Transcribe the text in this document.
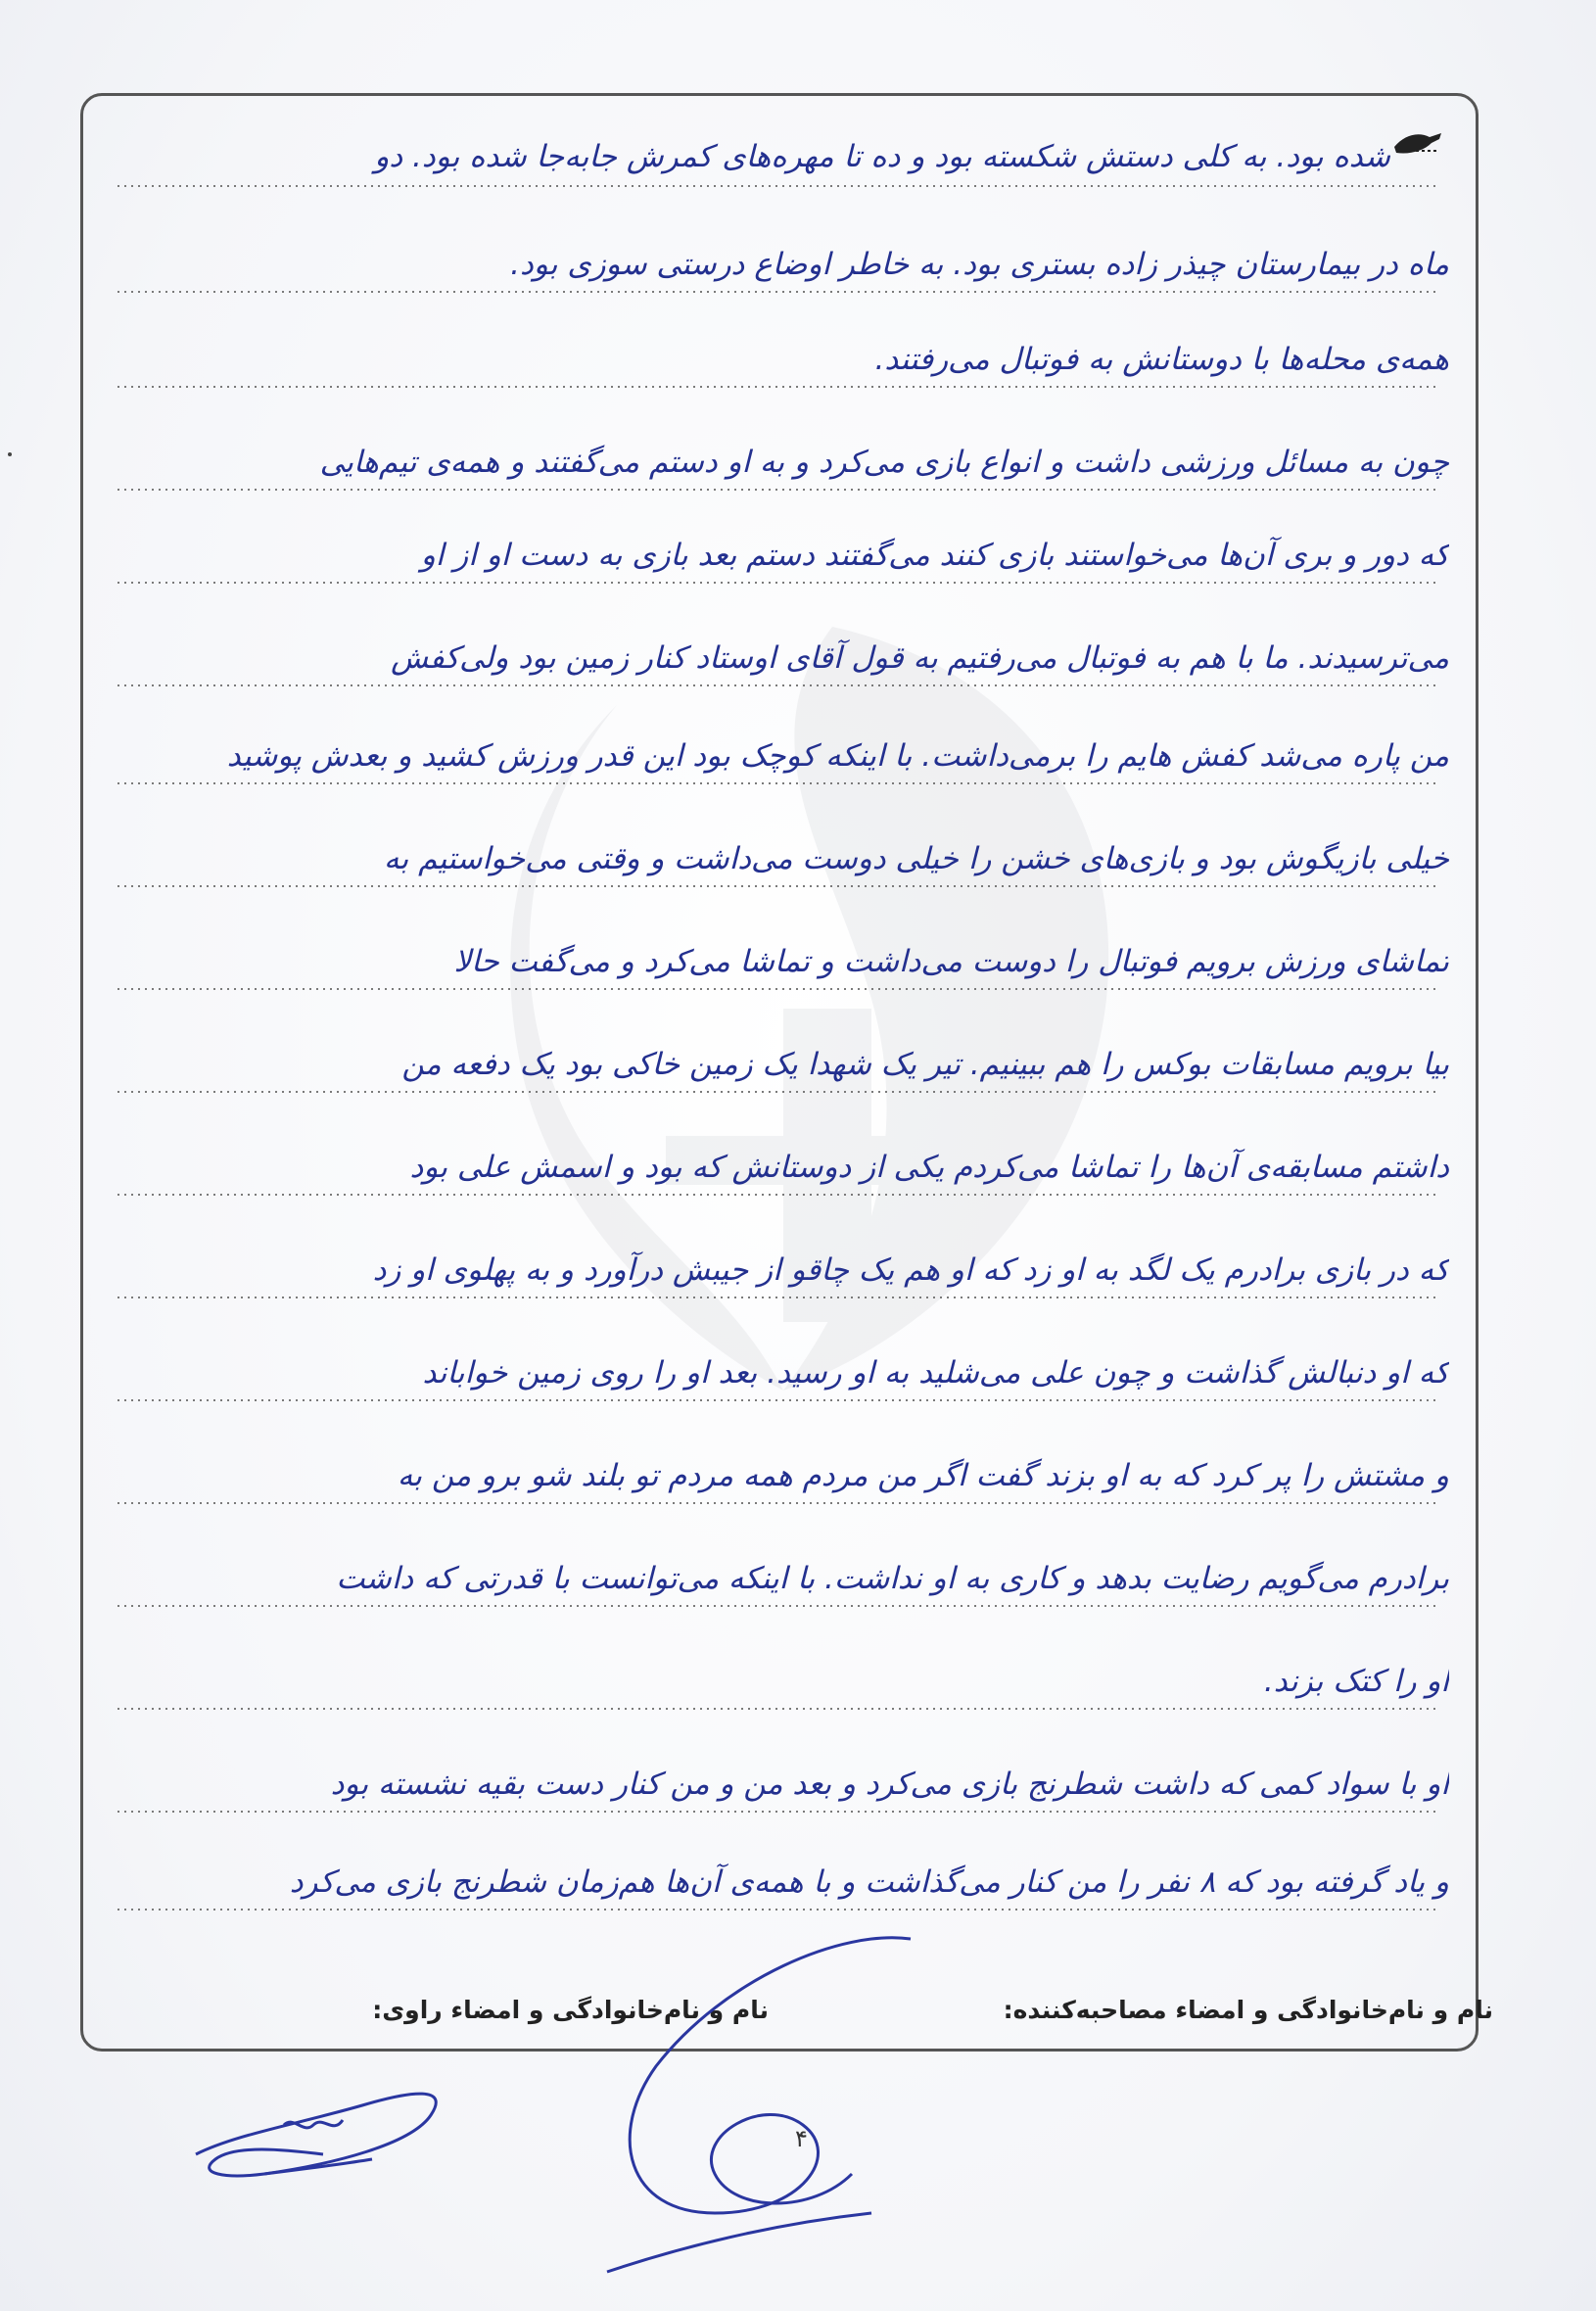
شده بود. به کلی دستش شکسته بود و ده تا مهره‌های کمرش جابه‌جا شده بود. دو
ماه در بیمارستان چیذر زاده بستری بود. به خاطر اوضاع درستی سوزی بود.
همه‌ی محله‌ها با دوستانش به فوتبال می‌رفتند.
چون به مسائل ورزشی داشت و انواع بازی می‌کرد و به او دستم می‌گفتند و همه‌ی تیم‌هایی
که دور و بری آن‌ها می‌خواستند بازی کنند می‌گفتند دستم بعد بازی به دست او از او
می‌ترسیدند. ما با هم به فوتبال می‌رفتیم به قول آقای اوستاد کنار زمین بود ولی‌کفش
من پاره می‌شد کفش هایم را برمی‌داشت. با اینکه کوچک بود این قدر ورزش کشید و بعدش پوشید
خیلی بازیگوش بود و بازی‌های خشن را خیلی دوست می‌داشت و وقتی می‌خواستیم به
تماشای ورزش برویم فوتبال را دوست می‌داشت و تماشا می‌کرد و می‌گفت حالا
بیا برویم مسابقات بوکس را هم ببینیم. تیر یک شهدا یک زمین خاکی بود یک دفعه من
داشتم مسابقه‌ی آن‌ها را تماشا می‌کردم یکی از دوستانش که بود و اسمش علی بود
که در بازی برادرم یک لگد به او زد که او هم یک چاقو از جیبش درآورد و به پهلوی او زد
که او دنبالش گذاشت و چون علی می‌شلید به او رسید. بعد او را روی زمین خواباند
و مشتش را پر کرد که به او بزند گفت اگر من مردم همه مردم تو بلند شو برو من به
برادرم می‌گویم رضایت بدهد و کاری به او نداشت. با اینکه می‌توانست با قدرتی که داشت
او را کتک بزند.
او با سواد کمی که داشت شطرنج بازی می‌کرد و بعد من و من کنار دست بقیه نشسته بود
و یاد گرفته بود که ۸ نفر را من کنار می‌گذاشت و با همه‌ی آن‌ها هم‌زمان شطرنج بازی می‌کرد
نام و نام‌خانوادگی و امضاء مصاحبه‌کننده:
نام و نام‌خانوادگی و امضاء راوی:
۴
